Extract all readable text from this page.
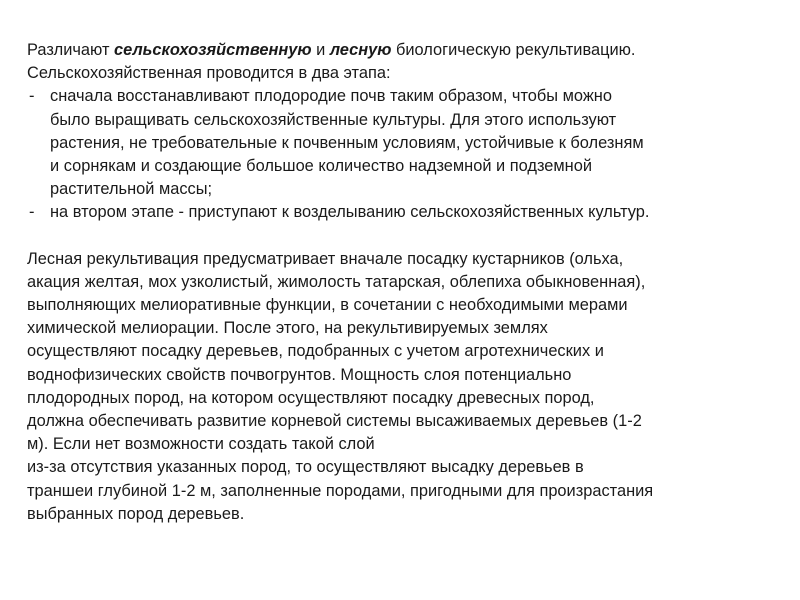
Различают сельскохозяйственную и лесную биологическую рекультивацию.

Сельскохозяйственная проводится в два этапа:

- сначала восстанавливают плодородие почв таким образом, чтобы можно
было выращивать сельскохозяйственные культуры. Для этого используют
растения, не требовательные к почвенным условиям, устойчивые к болезням
и сорнякам и создающие большое количество надземной и подземной
растительной массы;
- на втором этапе - приступают к возделыванию сельскохозяйственных культур.
Лесная рекультивация предусматривает вначале посадку кустарников (ольха,
акация желтая, мох узколистый, жимолость татарская, облепиха обыкновенная),
выполняющих мелиоративные функции, в сочетании с необходимыми мерами
химической мелиорации. После этого, на рекультивируемых землях
осуществляют посадку деревьев, подобранных с учетом агротехнических и
воднофизических свойств почвогрунтов. Мощность слоя потенциально
плодородных пород, на котором осуществляют посадку древесных пород,
должна обеспечивать развитие корневой системы высаживаемых деревьев (1-2
м). Если нет возможности создать такой слой
из-за отсутствия указанных пород, то осуществляют высадку деревьев в
траншеи глубиной 1-2 м, заполненные породами, пригодными для произрастания
выбранных пород деревьев.
